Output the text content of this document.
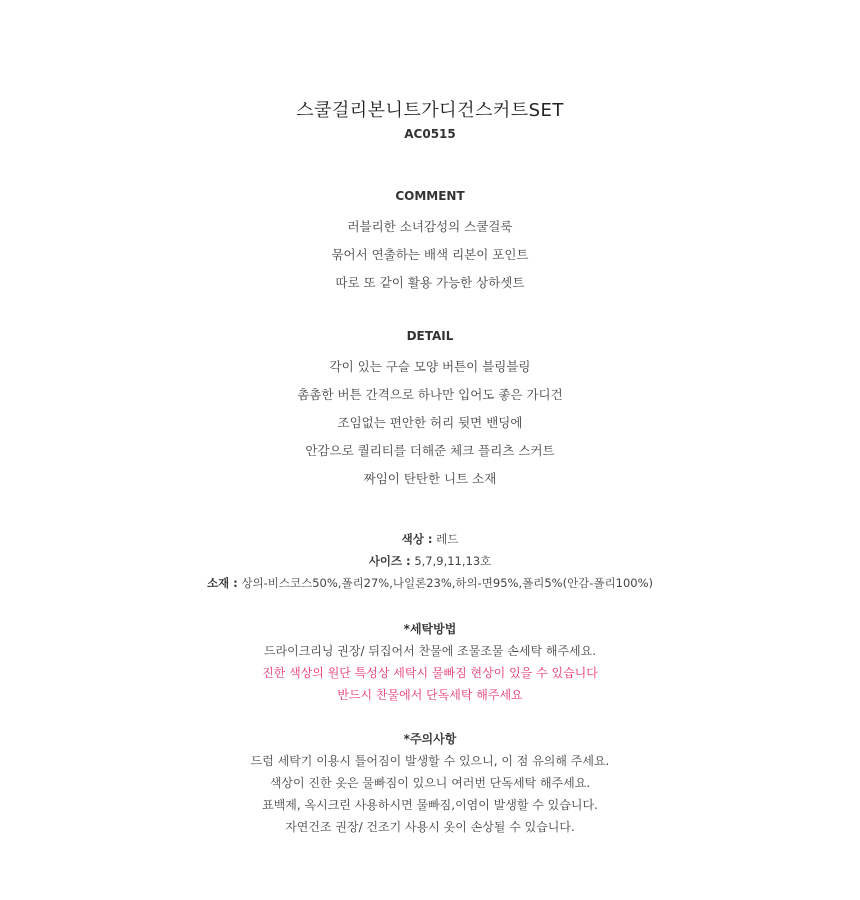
스쿨걸리본니트가디건스커트SET
AC0515
COMMENT
러블리한 소녀감성의 스쿨걸룩
묶어서 연출하는 배색 리본이 포인트
따로 또 같이 활용 가능한 상하셋트
DETAIL
각이 있는 구슬 모양 버튼이 블링블링
촘촘한 버튼 간격으로 하나만 입어도 좋은 가디건
조임없는 편안한 허리 뒷면 밴딩에
안감으로 퀄리티를 더해준 체크 플리츠 스커트
짜임이 탄탄한 니트 소재
색상 : 레드
사이즈 : 5,7,9,11,13호
소재 : 상의-비스코스50%,폴리27%,나일론23%,하의-면95%,폴리5%(안감-폴리100%)
*세탁방법
드라이크리닝 권장/ 뒤집어서 찬물에 조물조물 손세탁 해주세요.
진한 색상의 원단 특성상 세탁시 물빠짐 현상이 있을 수 있습니다
반드시 찬물에서 단독세탁 해주세요
*주의사항
드럼 세탁기 이용시 틀어짐이 발생할 수 있으니, 이 점 유의해 주세요.
색상이 진한 옷은 물빠짐이 있으니 여러번 단독세탁 해주세요.
표백제, 옥시크린 사용하시면 물빠짐,이염이 발생할 수 있습니다.
자연건조 권장/ 건조기 사용시 옷이 손상될 수 있습니다.
